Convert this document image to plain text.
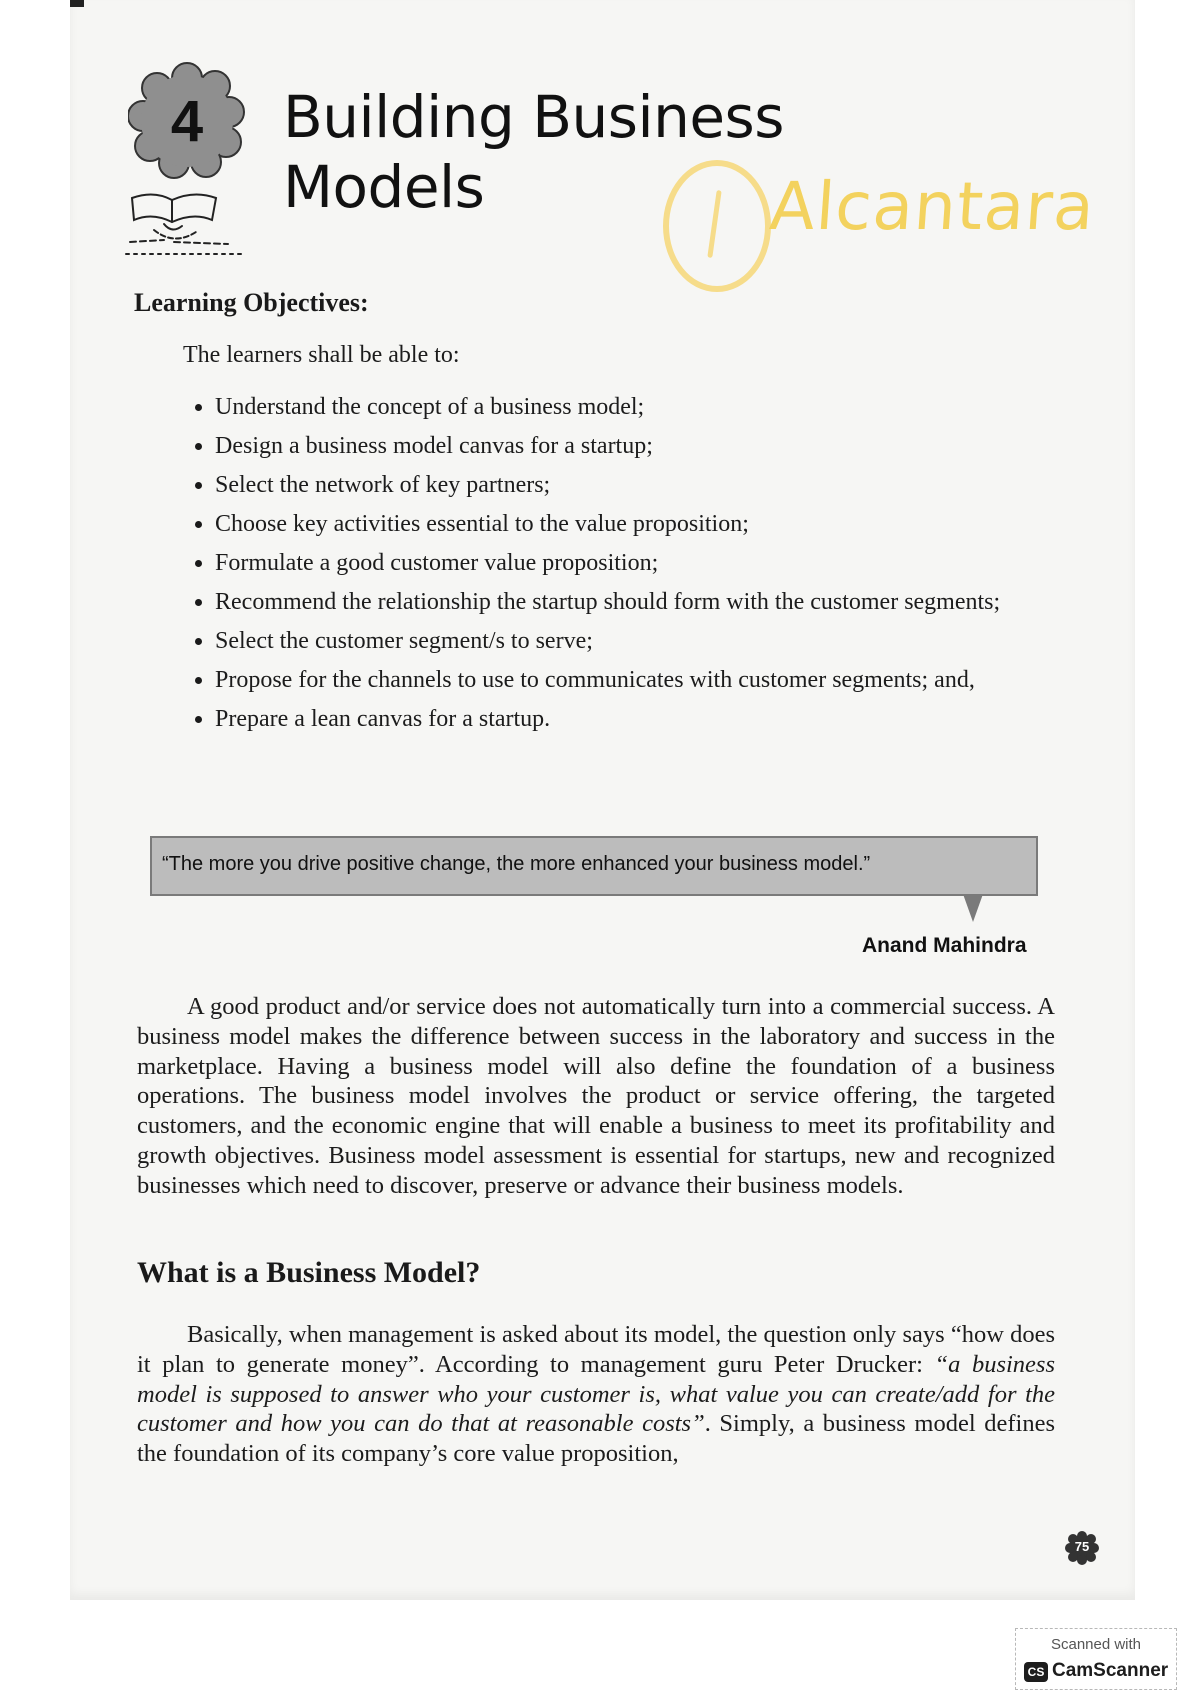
4	Building Business
Models	Alcantara
Learning Objectives:

The learners shall be able to:

Understand the concept of a business model;
Design a business model canvas for a startup;
Select the network of key partners;
Choose key activities essential to the value proposition;
Formulate a good customer value proposition;
Recommend the relationship the startup should form with the customer segments;
Select the customer segment/s to serve;
Propose for the channels to use to communicates with customer segments; and,
Prepare a lean canvas for a startup.
“The more you drive positive change, the more enhanced your business model.”
Anand Mahindra

A good product and/or service does not automatically turn into a commercial success. A business model makes the difference between success in the laboratory and success in the marketplace. Having a business model will also define the foundation of a business operations. The business model involves the product or service offering, the targeted customers, and the economic engine that will enable a business to meet its profitability and growth objectives. Business model assessment is essential for startups, new and recognized businesses which need to discover, preserve or advance their business models.

What is a Business Model?

Basically, when management is asked about its model, the question only says “how does it plan to generate money”. According to management guru Peter Drucker: “a business model is supposed to answer who your customer is, what value you can create/add for the customer and how you can do that at reasonable costs”. Simply, a business model defines the foundation of its company’s core value proposition,

75
Scanned with
CS CamScanner
